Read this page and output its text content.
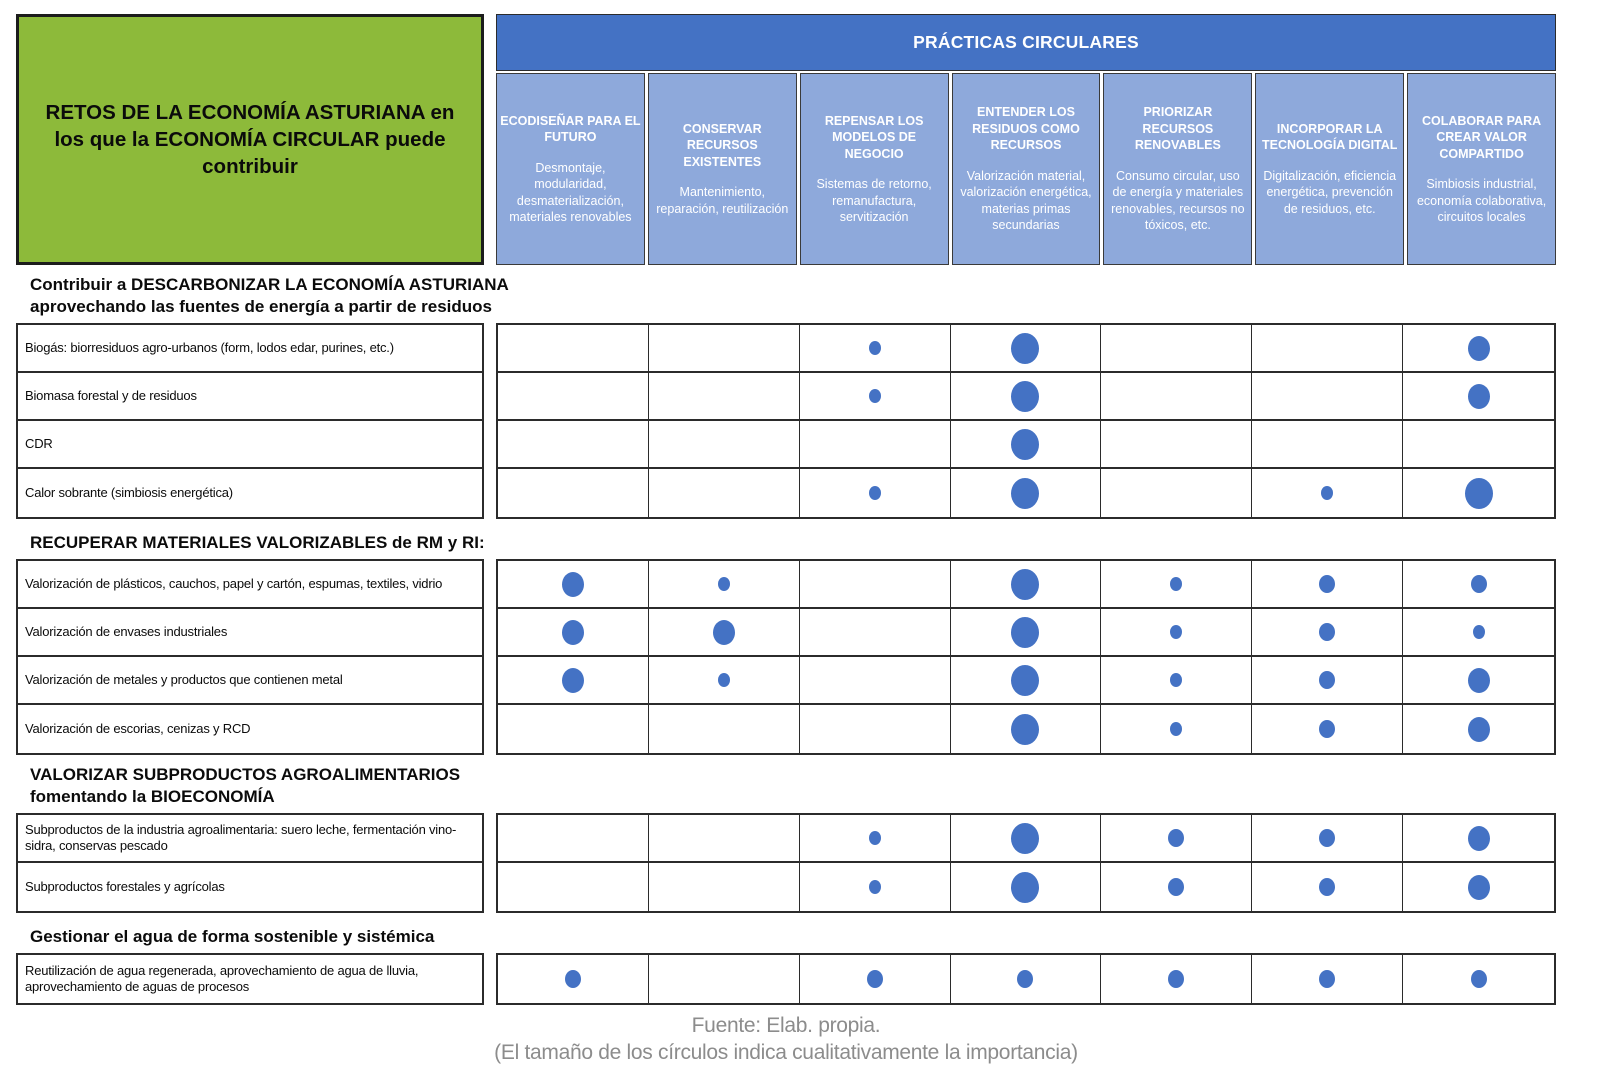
RETOS DE LA ECONOMÍA ASTURIANA en los que la ECONOMÍA CIRCULAR puede contribuir
PRÁCTICAS CIRCULARES
ECODISEÑAR PARA EL FUTURO
Desmontaje, modularidad, desmaterialización, materiales renovables
CONSERVAR RECURSOS EXISTENTES
Mantenimiento, reparación, reutilización
REPENSAR LOS MODELOS DE NEGOCIO
Sistemas de retorno, remanufactura, servitización
ENTENDER LOS RESIDUOS COMO RECURSOS
Valorización material, valorización energética, materias primas secundarias
PRIORIZAR RECURSOS RENOVABLES
Consumo circular, uso de energía y materiales renovables, recursos no tóxicos, etc.
INCORPORAR LA TECNOLOGÍA DIGITAL
Digitalización, eficiencia energética, prevención de residuos, etc.
COLABORAR PARA CREAR VALOR COMPARTIDO
Simbiosis industrial, economía colaborativa, circuitos locales
Contribuir a DESCARBONIZAR LA ECONOMÍA ASTURIANA
aprovechando las fuentes de energía a partir de residuos
Biogás: biorresiduos agro-urbanos (form, lodos edar, purines, etc.)
Biomasa forestal y de residuos
CDR
Calor sobrante (simbiosis energética)
RECUPERAR MATERIALES VALORIZABLES de RM y RI:
Valorización de plásticos, cauchos, papel y cartón, espumas, textiles, vidrio
Valorización de envases industriales
Valorización de metales y productos que contienen metal
Valorización de escorias, cenizas y RCD
VALORIZAR SUBPRODUCTOS AGROALIMENTARIOS
fomentando la BIOECONOMÍA
Subproductos de la industria agroalimentaria: suero leche, fermentación vino-sidra, conservas pescado
Subproductos forestales y agrícolas
Gestionar el agua de forma sostenible y sistémica
Reutilización de agua regenerada, aprovechamiento de agua de lluvia, aprovechamiento de aguas de procesos
Fuente: Elab. propia.
(El tamaño de los círculos indica cualitativamente la importancia)
